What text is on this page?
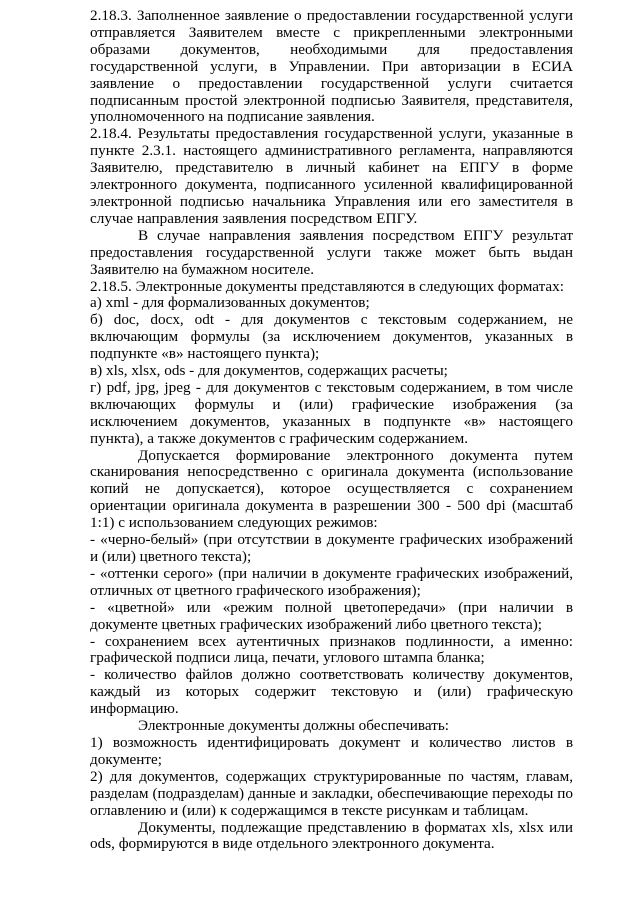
2.18.3. Заполненное заявление о предоставлении государственной услуги отправляется Заявителем вместе с прикрепленными электронными образами документов, необходимыми для предоставления государственной услуги, в Управлении. При авторизации в ЕСИА заявление о предоставлении государственной услуги считается подписанным простой электронной подписью Заявителя, представителя, уполномоченного на подписание заявления.

2.18.4. Результаты предоставления государственной услуги, указанные в пункте 2.3.1. настоящего административного регламента, направляются Заявителю, представителю в личный кабинет на ЕПГУ в форме электронного документа, подписанного усиленной квалифицированной электронной подписью начальника Управления или его заместителя в случае направления заявления посредством ЕПГУ.

В случае направления заявления посредством ЕПГУ результат предоставления государственной услуги также может быть выдан Заявителю на бумажном носителе.

2.18.5. Электронные документы представляются в следующих форматах:

а) xml - для формализованных документов;

б) doc, docx, odt - для документов с текстовым содержанием, не включающим формулы (за исключением документов, указанных в подпункте «в» настоящего пункта);

в) xls, xlsx, ods - для документов, содержащих расчеты;

г) pdf, jpg, jpeg - для документов с текстовым содержанием, в том числе включающих формулы и (или) графические изображения (за исключением документов, указанных в подпункте «в» настоящего пункта), а также документов с графическим содержанием.

Допускается формирование электронного документа путем сканирования непосредственно с оригинала документа (использование копий не допускается), которое осуществляется с сохранением ориентации оригинала документа в разрешении 300 - 500 dpi (масштаб 1:1) с использованием следующих режимов:

- «черно-белый» (при отсутствии в документе графических изображений и (или) цветного текста);

- «оттенки серого» (при наличии в документе графических изображений, отличных от цветного графического изображения);

- «цветной» или «режим полной цветопередачи» (при наличии в документе цветных графических изображений либо цветного текста);

- сохранением всех аутентичных признаков подлинности, а именно: графической подписи лица, печати, углового штампа бланка;

- количество файлов должно соответствовать количеству документов, каждый из которых содержит текстовую и (или) графическую информацию.

Электронные документы должны обеспечивать:

1) возможность идентифицировать документ и количество листов в документе;

2) для документов, содержащих структурированные по частям, главам, разделам (подразделам) данные и закладки, обеспечивающие переходы по оглавлению и (или) к содержащимся в тексте рисункам и таблицам.

Документы, подлежащие представлению в форматах xls, xlsx или ods, формируются в виде отдельного электронного документа.
